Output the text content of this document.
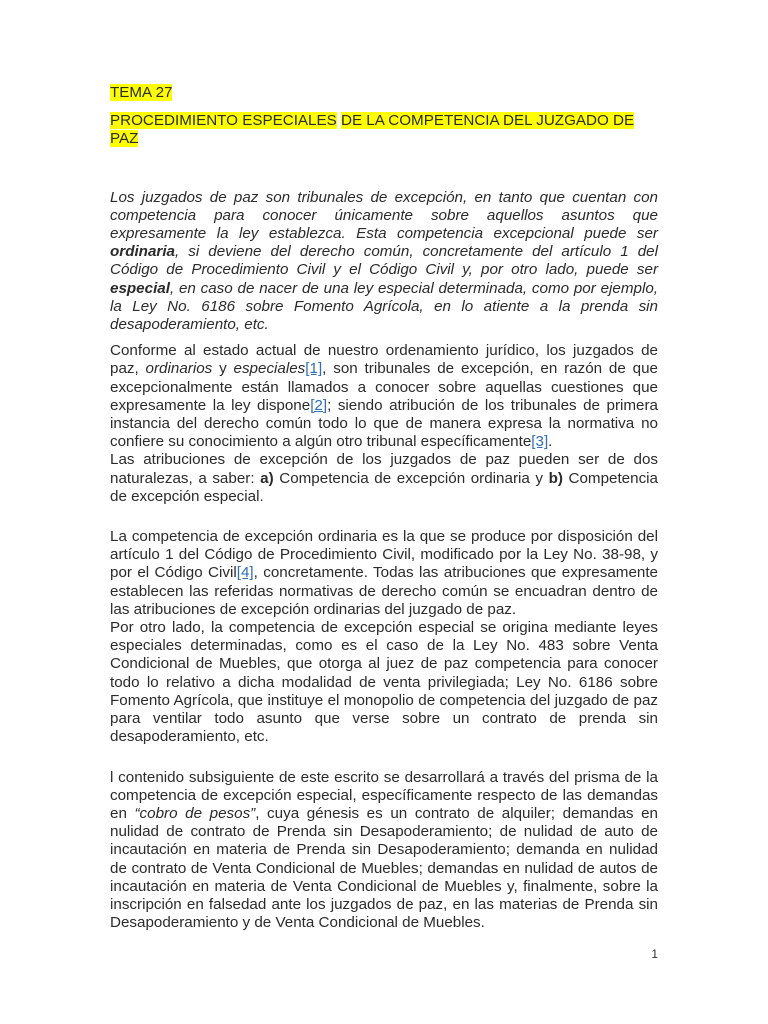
TEMA 27

PROCEDIMIENTO ESPECIALES DE LA COMPETENCIA DEL JUZGADO DE PAZ

Los juzgados de paz son tribunales de excepción, en tanto que cuentan con competencia para conocer únicamente sobre aquellos asuntos que expresamente la ley establezca. Esta competencia excepcional puede ser ordinaria, si deviene del derecho común, concretamente del artículo 1 del Código de Procedimiento Civil y el Código Civil y, por otro lado, puede ser especial, en caso de nacer de una ley especial determinada, como por ejemplo, la Ley No. 6186 sobre Fomento Agrícola, en lo atiente a la prenda sin desapoderamiento, etc.

Conforme al estado actual de nuestro ordenamiento jurídico, los juzgados de paz, ordinarios y especiales[1], son tribunales de excepción, en razón de que excepcionalmente están llamados a conocer sobre aquellas cuestiones que expresamente la ley dispone[2]; siendo atribución de los tribunales de primera instancia del derecho común todo lo que de manera expresa la normativa no confiere su conocimiento a algún otro tribunal específicamente[3].

Las atribuciones de excepción de los juzgados de paz pueden ser de dos naturalezas, a saber: a) Competencia de excepción ordinaria y b) Competencia de excepción especial.

La competencia de excepción ordinaria es la que se produce por disposición del artículo 1 del Código de Procedimiento Civil, modificado por la Ley No. 38-98, y por el Código Civil[4], concretamente. Todas las atribuciones que expresamente establecen las referidas normativas de derecho común se encuadran dentro de las atribuciones de excepción ordinarias del juzgado de paz.

Por otro lado, la competencia de excepción especial se origina mediante leyes especiales determinadas, como es el caso de la Ley No. 483 sobre Venta Condicional de Muebles, que otorga al juez de paz competencia para conocer todo lo relativo a dicha modalidad de venta privilegiada; Ley No. 6186 sobre Fomento Agrícola, que instituye el monopolio de competencia del juzgado de paz para ventilar todo asunto que verse sobre un contrato de prenda sin desapoderamiento, etc.

l contenido subsiguiente de este escrito se desarrollará a través del prisma de la competencia de excepción especial, específicamente respecto de las demandas en “cobro de pesos”, cuya génesis es un contrato de alquiler; demandas en nulidad de contrato de Prenda sin Desapoderamiento; de nulidad de auto de incautación en materia de Prenda sin Desapoderamiento; demanda en nulidad de contrato de Venta Condicional de Muebles; demandas en nulidad de autos de incautación en materia de Venta Condicional de Muebles y, finalmente, sobre la inscripción en falsedad ante los juzgados de paz, en las materias de Prenda sin Desapoderamiento y de Venta Condicional de Muebles.

1
